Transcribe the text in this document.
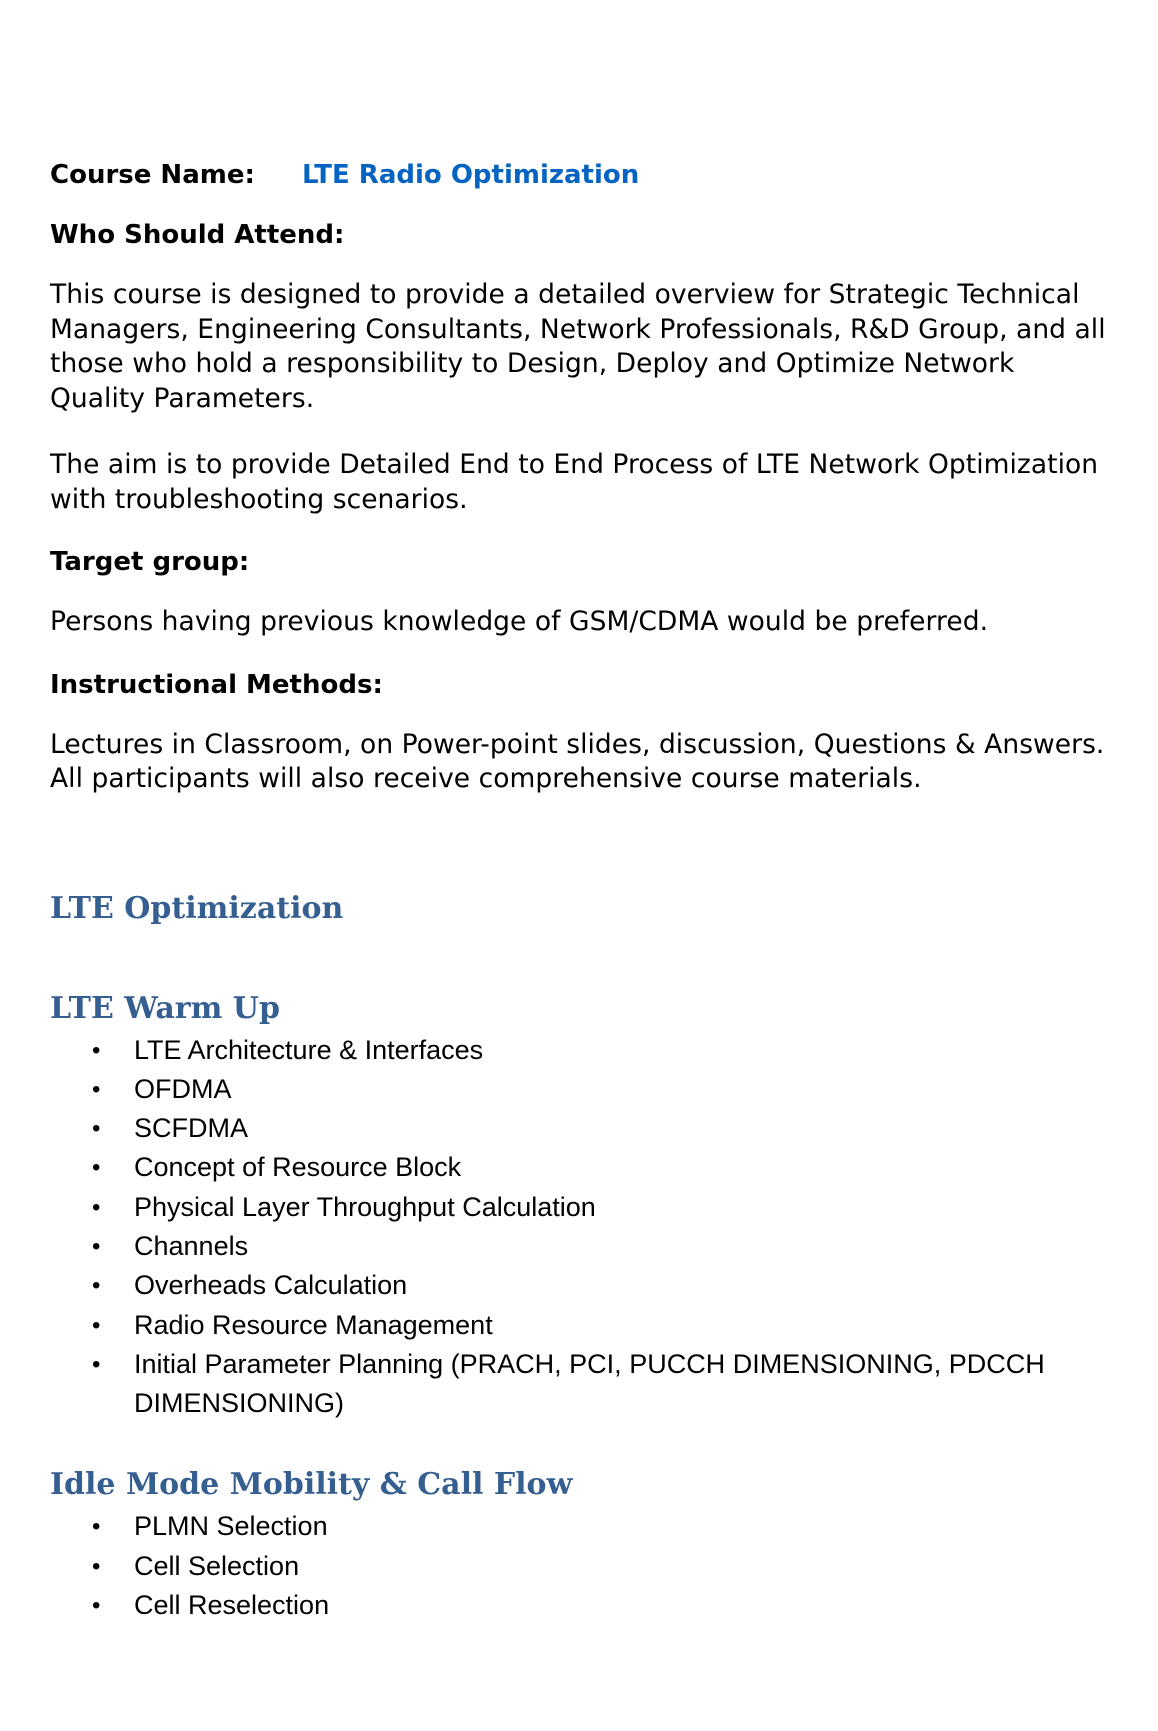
Course Name: LTE Radio Optimization

Who Should Attend:

This course is designed to provide a detailed overview for Strategic Technical Managers, Engineering Consultants, Network Professionals, R&D Group, and all those who hold a responsibility to Design, Deploy and Optimize Network Quality Parameters.

The aim is to provide Detailed End to End Process of LTE Network Optimization with troubleshooting scenarios.

Target group:

Persons having previous knowledge of GSM/CDMA would be preferred.

Instructional Methods:

Lectures in Classroom, on Power-point slides, discussion, Questions & Answers. All participants will also receive comprehensive course materials.

LTE Optimization
LTE Warm Up
• LTE Architecture & Interfaces
• OFDMA
• SCFDMA
• Concept of Resource Block
• Physical Layer Throughput Calculation
• Channels
• Overheads Calculation
• Radio Resource Management
• Initial Parameter Planning (PRACH, PCI, PUCCH DIMENSIONING, PDCCH DIMENSIONING)
Idle Mode Mobility & Call Flow
• PLMN Selection
• Cell Selection
• Cell Reselection
